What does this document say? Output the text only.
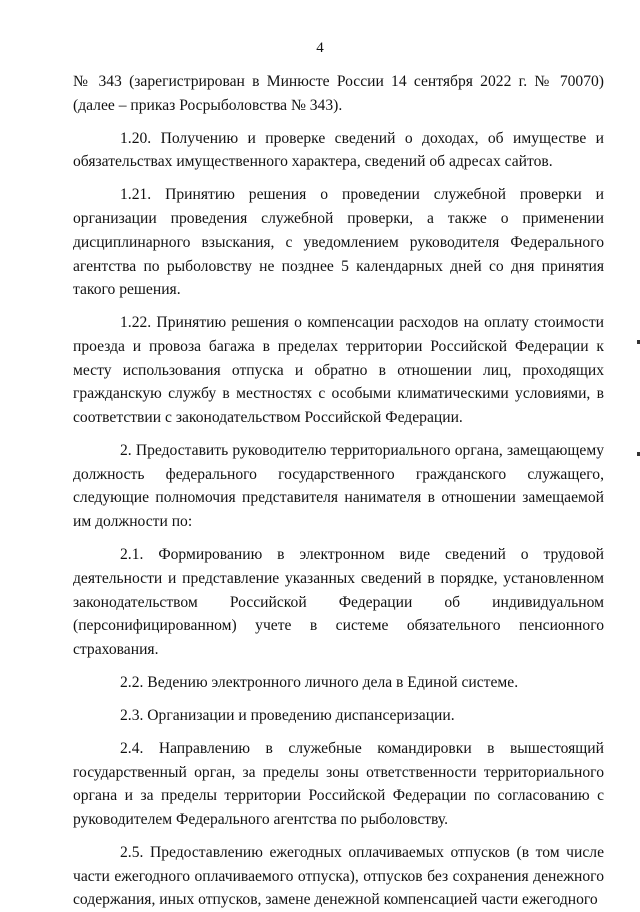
4

№ 343 (зарегистрирован в Минюсте России 14 сентября 2022 г. № 70070) (далее – приказ Росрыболовства № 343).

1.20. Получению и проверке сведений о доходах, об имуществе и обязательствах имущественного характера, сведений об адресах сайтов.

1.21. Принятию решения о проведении служебной проверки и организации проведения служебной проверки, а также о применении дисциплинарного взыскания, с уведомлением руководителя Федерального агентства по рыболовству не позднее 5 календарных дней со дня принятия такого решения.

1.22. Принятию решения о компенсации расходов на оплату стоимости проезда и провоза багажа в пределах территории Российской Федерации к месту использования отпуска и обратно в отношении лиц, проходящих гражданскую службу в местностях с особыми климатическими условиями, в соответствии с законодательством Российской Федерации.

2. Предоставить руководителю территориального органа, замещающему должность федерального государственного гражданского служащего, следующие полномочия представителя нанимателя в отношении замещаемой им должности по:

2.1. Формированию в электронном виде сведений о трудовой деятельности и представление указанных сведений в порядке, установленном законодательством Российской Федерации об индивидуальном (персонифицированном) учете в системе обязательного пенсионного страхования.

2.2. Ведению электронного личного дела в Единой системе.

2.3. Организации и проведению диспансеризации.

2.4. Направлению в служебные командировки в вышестоящий государственный орган, за пределы зоны ответственности территориального органа и за пределы территории Российской Федерации по согласованию с руководителем Федерального агентства по рыболовству.

2.5. Предоставлению ежегодных оплачиваемых отпусков (в том числе части ежегодного оплачиваемого отпуска), отпусков без сохранения денежного содержания, иных отпусков, замене денежной компенсацией части ежегодного
